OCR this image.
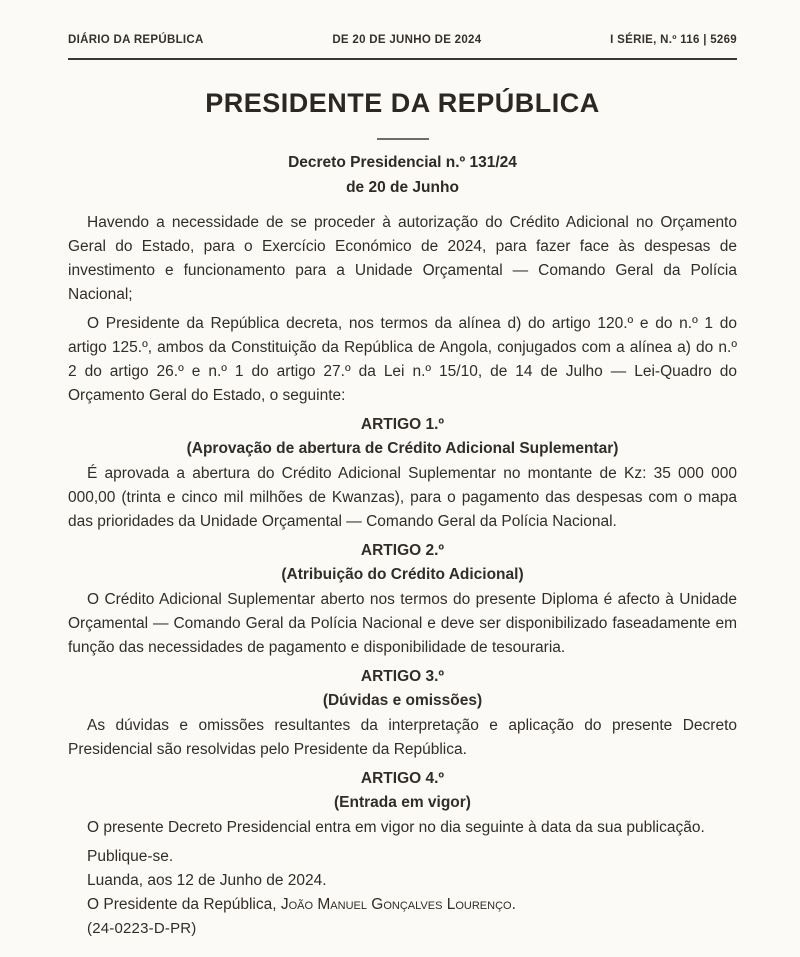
DIÁRIO DA REPÚBLICA	DE 20 DE JUNHO DE 2024	I SÉRIE, N.º 116 | 5269
PRESIDENTE DA REPÚBLICA
Decreto Presidencial n.º 131/24
de 20 de Junho

Havendo a necessidade de se proceder à autorização do Crédito Adicional no Orçamento Geral do Estado, para o Exercício Económico de 2024, para fazer face às despesas de investimento e funcionamento para a Unidade Orçamental — Comando Geral da Polícia Nacional;

O Presidente da República decreta, nos termos da alínea d) do artigo 120.º e do n.º 1 do artigo 125.º, ambos da Constituição da República de Angola, conjugados com a alínea a) do n.º 2 do artigo 26.º e n.º 1 do artigo 27.º da Lei n.º 15/10, de 14 de Julho — Lei-Quadro do Orçamento Geral do Estado, o seguinte:

ARTIGO 1.º
(Aprovação de abertura de Crédito Adicional Suplementar)

É aprovada a abertura do Crédito Adicional Suplementar no montante de Kz: 35 000 000 000,00 (trinta e cinco mil milhões de Kwanzas), para o pagamento das despesas com o mapa das prioridades da Unidade Orçamental — Comando Geral da Polícia Nacional.

ARTIGO 2.º
(Atribuição do Crédito Adicional)

O Crédito Adicional Suplementar aberto nos termos do presente Diploma é afecto à Unidade Orçamental — Comando Geral da Polícia Nacional e deve ser disponibilizado faseadamente em função das necessidades de pagamento e disponibilidade de tesouraria.

ARTIGO 3.º
(Dúvidas e omissões)

As dúvidas e omissões resultantes da interpretação e aplicação do presente Decreto Presidencial são resolvidas pelo Presidente da República.

ARTIGO 4.º
(Entrada em vigor)

O presente Decreto Presidencial entra em vigor no dia seguinte à data da sua publicação.

Publique-se.

Luanda, aos 12 de Junho de 2024.

O Presidente da República, João Manuel Gonçalves Lourenço.

(24-0223-D-PR)
